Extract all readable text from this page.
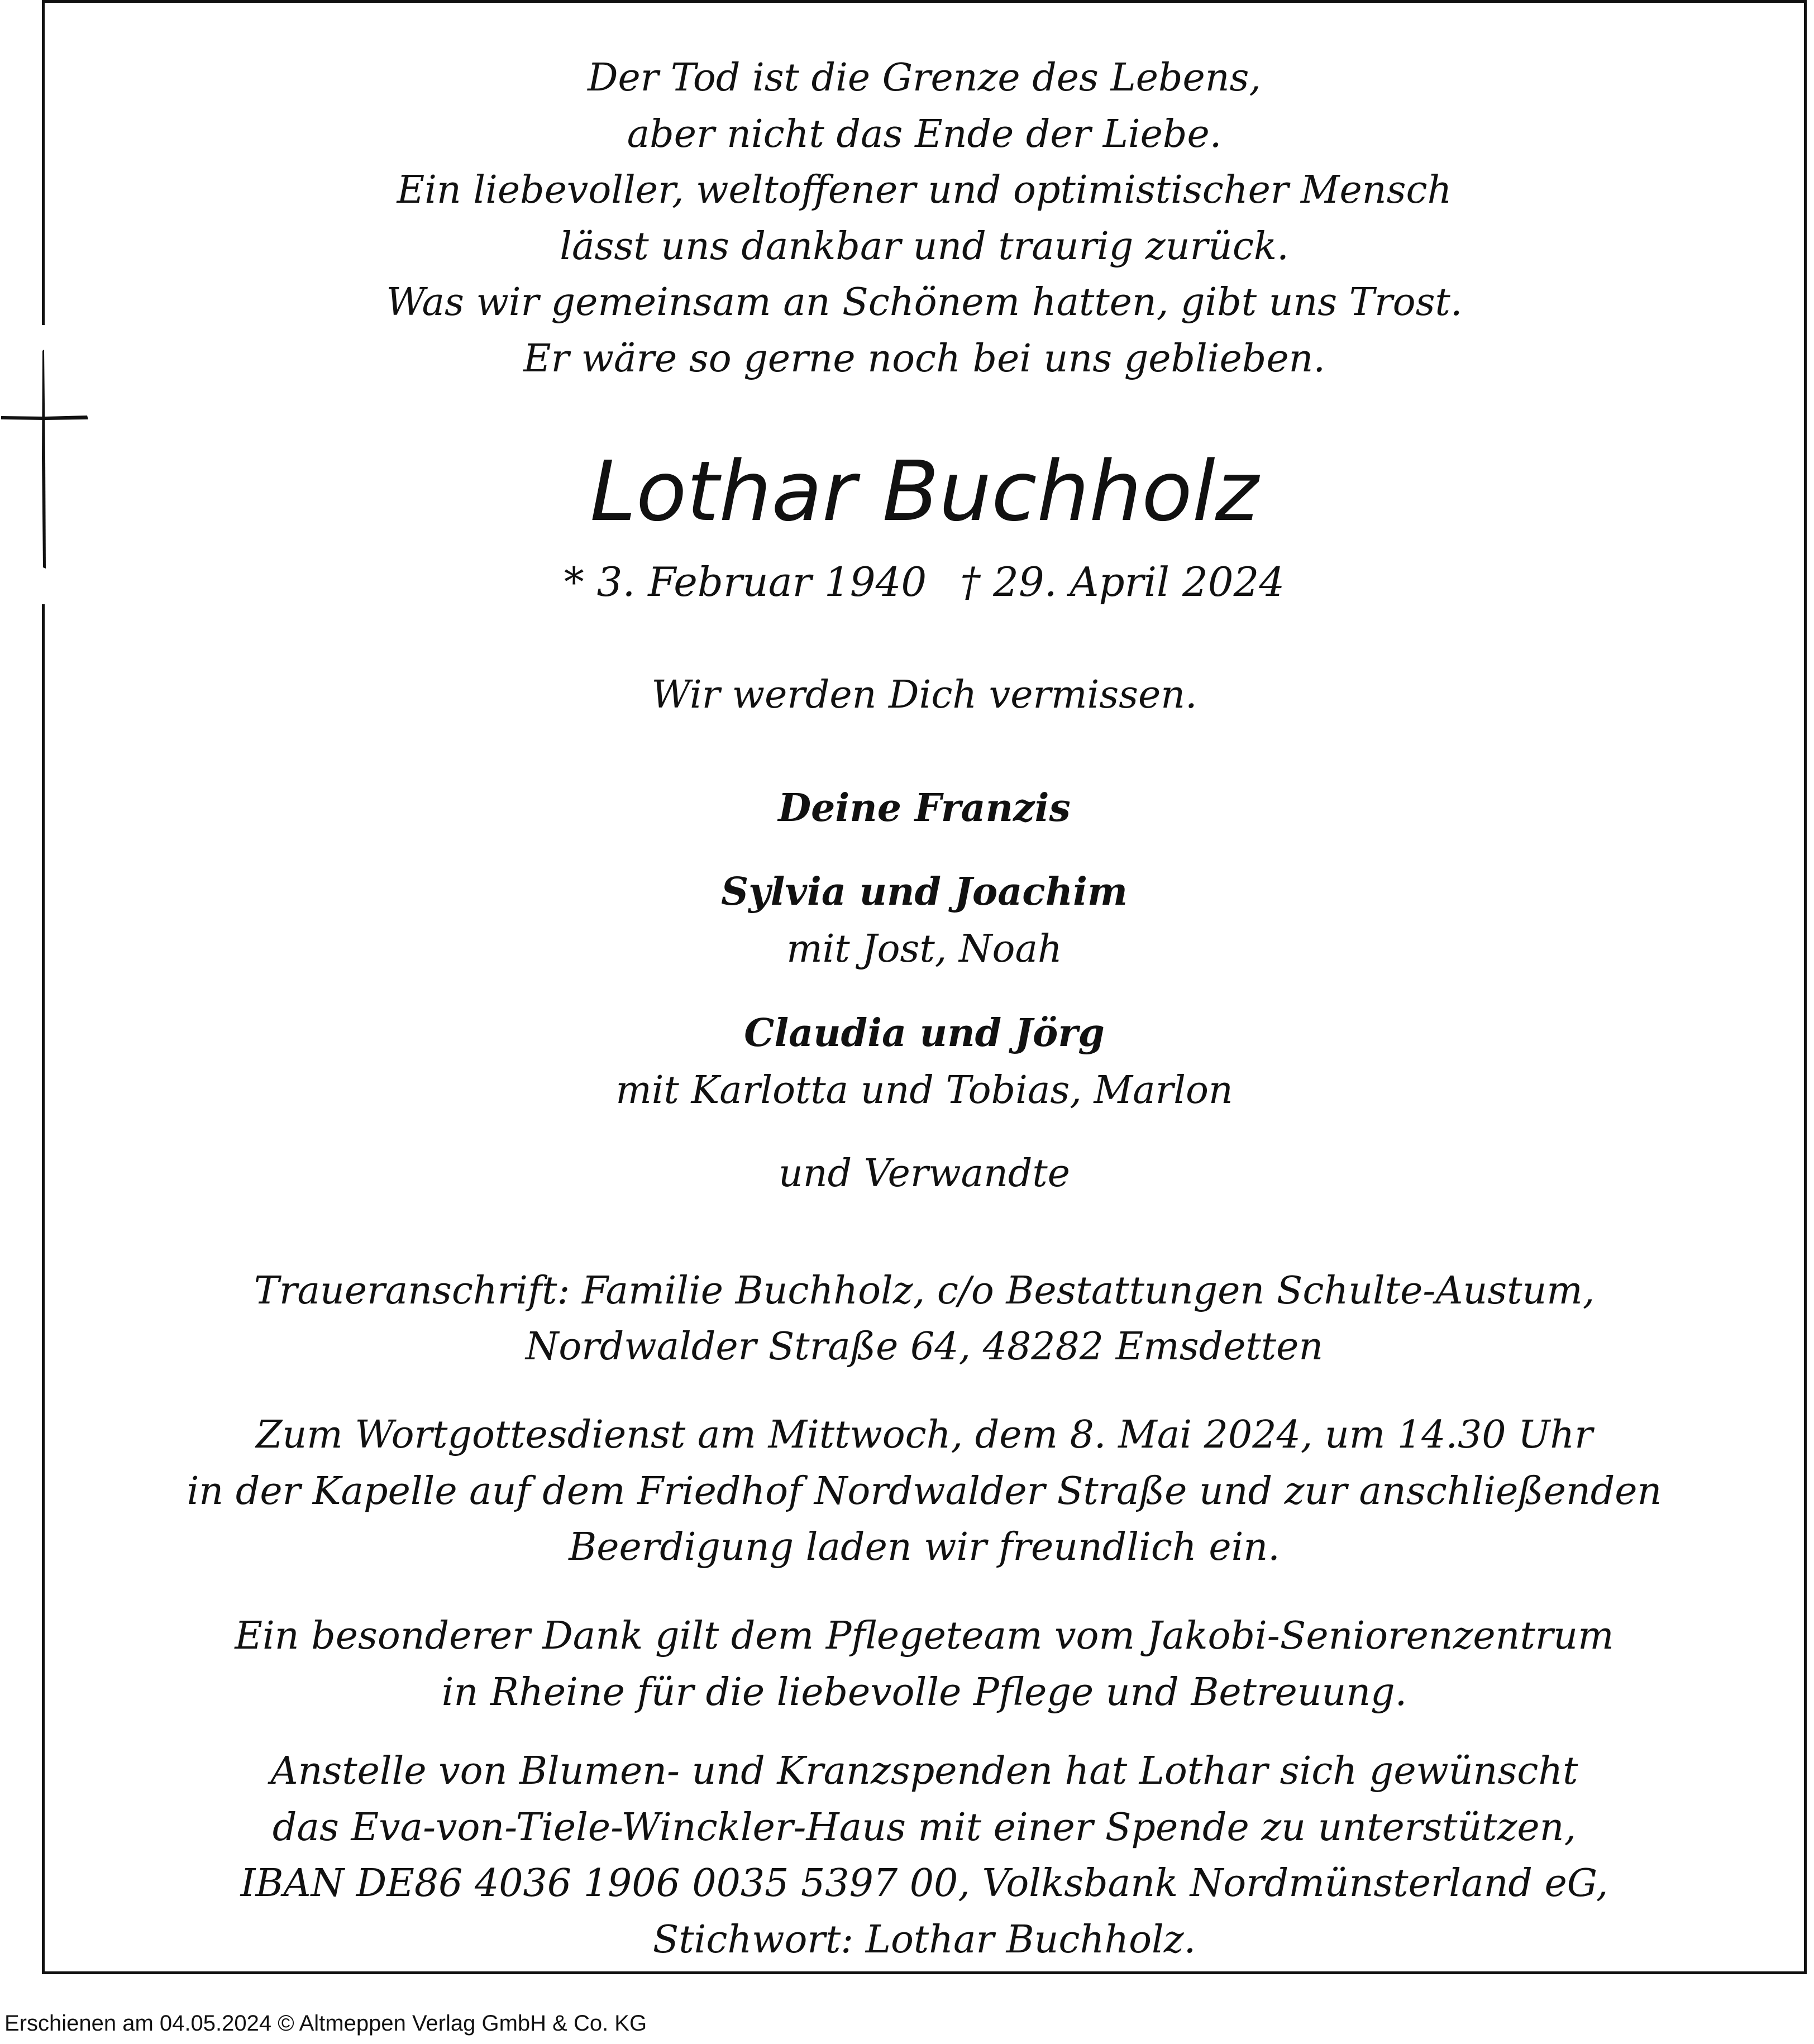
Der Tod ist die Grenze des Lebens,
aber nicht das Ende der Liebe.
Ein liebevoller, weltoffener und optimistischer Mensch
lässt uns dankbar und traurig zurück.
Was wir gemeinsam an Schönem hatten, gibt uns Trost.
Er wäre so gerne noch bei uns geblieben.
Lothar Buchholz
* 3. Februar 1940 † 29. April 2024
Wir werden Dich vermissen.
Deine Franzis
Sylvia und Joachim
mit Jost, Noah
Claudia und Jörg
mit Karlotta und Tobias, Marlon
und Verwandte
Traueranschrift: Familie Buchholz, c/o Bestattungen Schulte-Austum,
Nordwalder Straße 64, 48282 Emsdetten
Zum Wortgottesdienst am Mittwoch, dem 8. Mai 2024, um 14.30 Uhr
in der Kapelle auf dem Friedhof Nordwalder Straße und zur anschließenden
Beerdigung laden wir freundlich ein.
Ein besonderer Dank gilt dem Pflegeteam vom Jakobi-Seniorenzentrum
in Rheine für die liebevolle Pflege und Betreuung.
Anstelle von Blumen- und Kranzspenden hat Lothar sich gewünscht
das Eva-von-Tiele-Winckler-Haus mit einer Spende zu unterstützen,
IBAN DE86 4036 1906 0035 5397 00, Volksbank Nordmünsterland eG,
Stichwort: Lothar Buchholz.
Erschienen am 04.05.2024 © Altmeppen Verlag GmbH & Co. KG
